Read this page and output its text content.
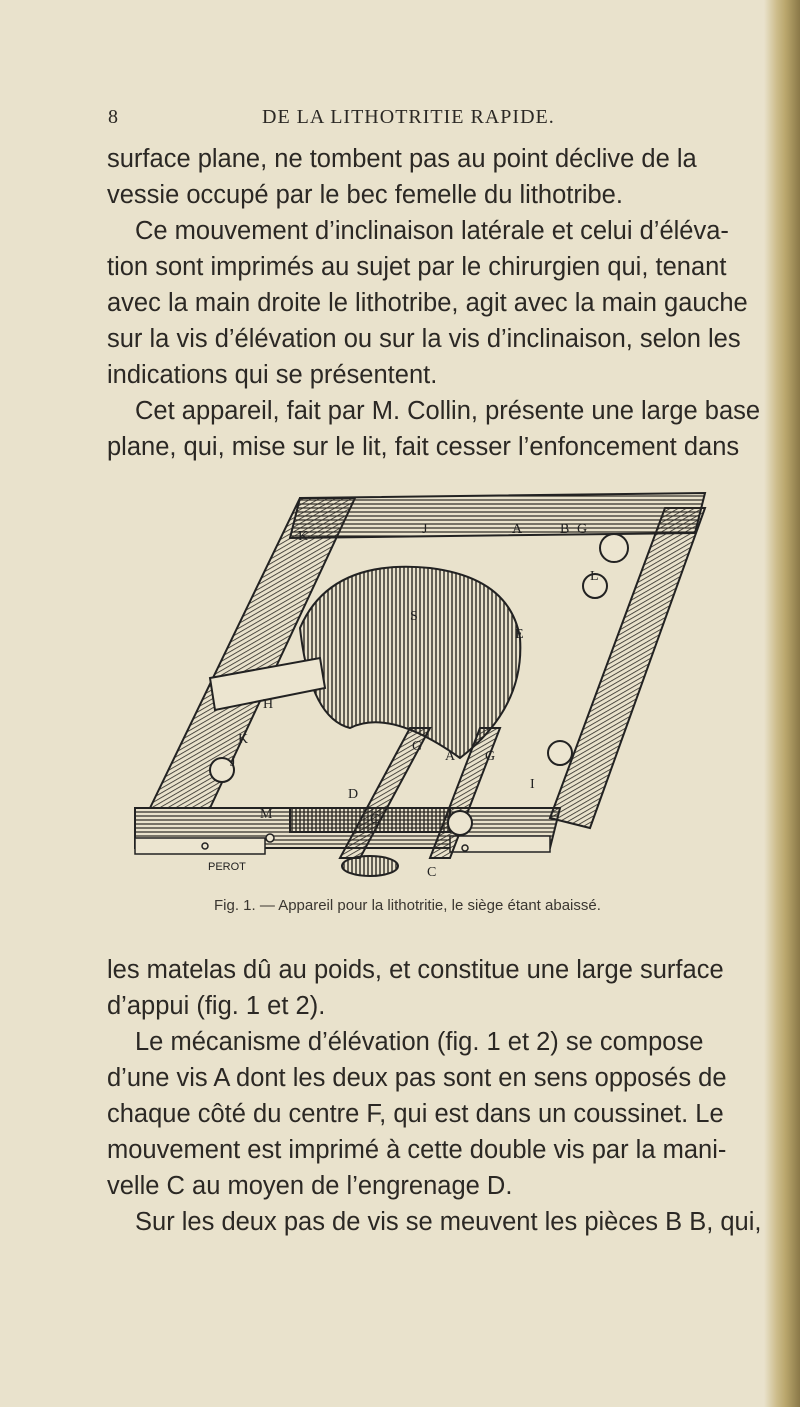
8	DE LA LITHOTRITIE RAPIDE.

surface plane, ne tombent pas au point déclive de la
vessie occupé par le bec femelle du lithotribe.

Ce mouvement d’inclinaison latérale et celui d’éléva-
tion sont imprimés au sujet par le chirurgien qui, tenant
avec la main droite le lithotribe, agit avec la main gauche
sur la vis d’élévation ou sur la vis d’inclinaison, selon les
indications qui se présentent.

Cet appareil, fait par M. Collin, présente une large base
plane, qui, mise sur le lit, fait cesser l’enfoncement dans

K	J	A	B G
L
S
E
H
G
A G
I
J
K
M
D
C
C
PEROT
Fig. 1. — Appareil pour la lithotritie, le siège étant abaissé.

les matelas dû au poids, et constitue une large surface
d’appui (fig. 1 et 2).

Le mécanisme d’élévation (fig. 1 et 2) se compose
d’une vis A dont les deux pas sont en sens opposés de
chaque côté du centre F, qui est dans un coussinet. Le
mouvement est imprimé à cette double vis par la mani-
velle C au moyen de l’engrenage D.

Sur les deux pas de vis se meuvent les pièces B B, qui,
